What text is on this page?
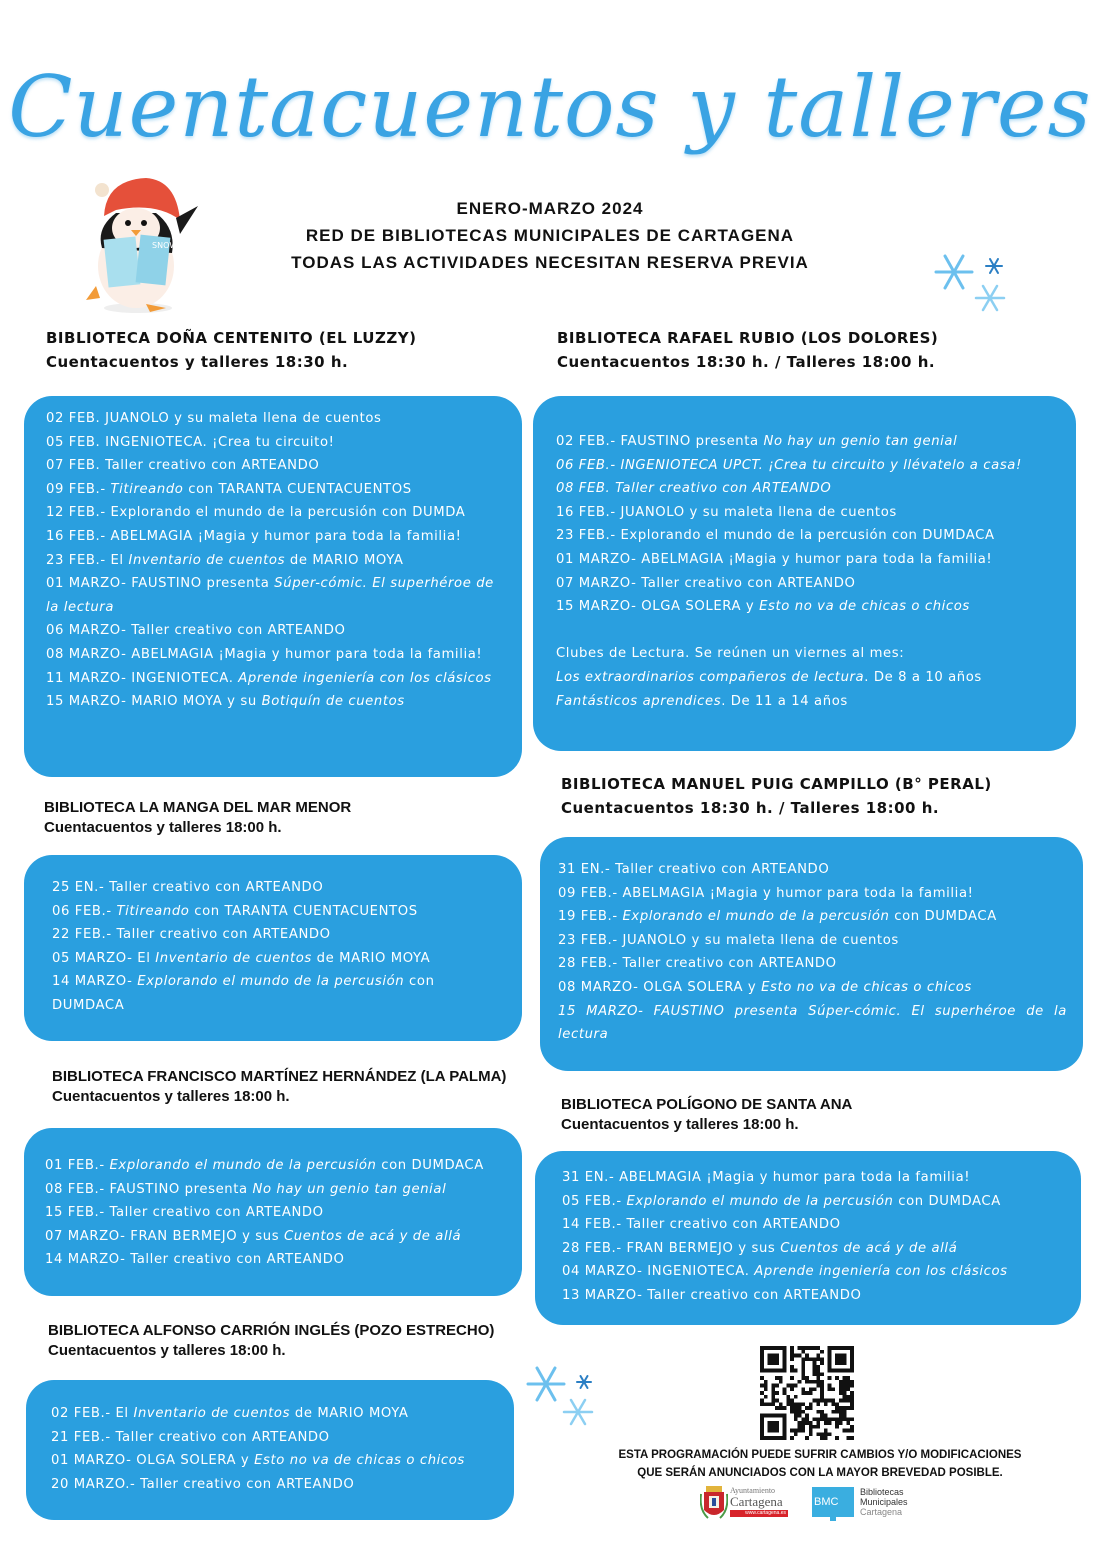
Cuentacuentos y talleres
SNOW
ENERO-MARZO 2024
RED DE BIBLIOTECAS MUNICIPALES DE CARTAGENA
TODAS LAS ACTIVIDADES NECESITAN RESERVA PREVIA
BIBLIOTECA DOÑA CENTENITO (EL LUZZY)
Cuentacuentos y talleres 18:30 h.
02 FEB. JUANOLO y su maleta llena de cuentos
05 FEB. INGENIOTECA. ¡Crea tu circuito!
07 FEB. Taller creativo con ARTEANDO
09 FEB.- Titireando con TARANTA CUENTACUENTOS
12 FEB.- Explorando el mundo de la percusión con DUMDA
16 FEB.- ABELMAGIA ¡Magia y humor para toda la familia!
23 FEB.- El Inventario de cuentos de MARIO MOYA
01 MARZO- FAUSTINO presenta Súper-cómic. El superhéroe de la lectura
06 MARZO- Taller creativo con ARTEANDO
08 MARZO- ABELMAGIA ¡Magia y humor para toda la familia!
11 MARZO- INGENIOTECA. Aprende ingeniería con los clásicos
15 MARZO- MARIO MOYA y su Botiquín de cuentos
BIBLIOTECA RAFAEL RUBIO (LOS DOLORES)
Cuentacuentos 18:30 h. / Talleres 18:00 h.
02 FEB.- FAUSTINO presenta No hay un genio tan genial
06 FEB.- INGENIOTECA UPCT. ¡Crea tu circuito y llévatelo a casa!
08 FEB. Taller creativo con ARTEANDO
16 FEB.- JUANOLO y su maleta llena de cuentos
23 FEB.- Explorando el mundo de la percusión con DUMDACA
01 MARZO- ABELMAGIA ¡Magia y humor para toda la familia!
07 MARZO- Taller creativo con ARTEANDO
15 MARZO- OLGA SOLERA y Esto no va de chicas o chicos
Clubes de Lectura. Se reúnen un viernes al mes:
Los extraordinarios compañeros de lectura. De 8 a 10 años
Fantásticos aprendices. De 11 a 14 años
BIBLIOTECA LA MANGA DEL MAR MENOR
Cuentacuentos y talleres 18:00 h.
25 EN.- Taller creativo con ARTEANDO
06 FEB.- Titireando con TARANTA CUENTACUENTOS
22 FEB.- Taller creativo con ARTEANDO
05 MARZO- El Inventario de cuentos de MARIO MOYA
14 MARZO- Explorando el mundo de la percusión con DUMDACA
BIBLIOTECA MANUEL PUIG CAMPILLO (B° PERAL)
Cuentacuentos 18:30 h. / Talleres 18:00 h.
31 EN.- Taller creativo con ARTEANDO
09 FEB.- ABELMAGIA ¡Magia y humor para toda la familia!
19 FEB.- Explorando el mundo de la percusión con DUMDACA
23 FEB.- JUANOLO y su maleta llena de cuentos
28 FEB.- Taller creativo con ARTEANDO
08 MARZO- OLGA SOLERA y Esto no va de chicas o chicos
15 MARZO- FAUSTINO presenta Súper-cómic. El superhéroe de la lectura
BIBLIOTECA FRANCISCO MARTÍNEZ HERNÁNDEZ (LA PALMA)
Cuentacuentos y talleres 18:00 h.
01 FEB.- Explorando el mundo de la percusión con DUMDACA
08 FEB.- FAUSTINO presenta No hay un genio tan genial
15 FEB.- Taller creativo con ARTEANDO
07 MARZO- FRAN BERMEJO y sus Cuentos de acá y de allá
14 MARZO- Taller creativo con ARTEANDO
BIBLIOTECA POLÍGONO DE SANTA ANA
Cuentacuentos y talleres 18:00 h.
31 EN.- ABELMAGIA ¡Magia y humor para toda la familia!
05 FEB.- Explorando el mundo de la percusión con DUMDACA
14 FEB.- Taller creativo con ARTEANDO
28 FEB.- FRAN BERMEJO y sus Cuentos de acá y de allá
04 MARZO- INGENIOTECA. Aprende ingeniería con los clásicos
13 MARZO- Taller creativo con ARTEANDO
BIBLIOTECA ALFONSO CARRIÓN INGLÉS (POZO ESTRECHO)
Cuentacuentos y talleres 18:00 h.
02 FEB.- El Inventario de cuentos de MARIO MOYA
21 FEB.- Taller creativo con ARTEANDO
01 MARZO- OLGA SOLERA y Esto no va de chicas o chicos
20 MARZO.- Taller creativo con ARTEANDO
ESTA PROGRAMACIÓN PUEDE SUFRIR CAMBIOS Y/O MODIFICACIONES
QUE SERÁN ANUNCIADOS CON LA MAYOR BREVEDAD POSIBLE.
Ayuntamiento
Cartagena
www.cartagena.es
BMC
Bibliotecas
Municipales
Cartagena
